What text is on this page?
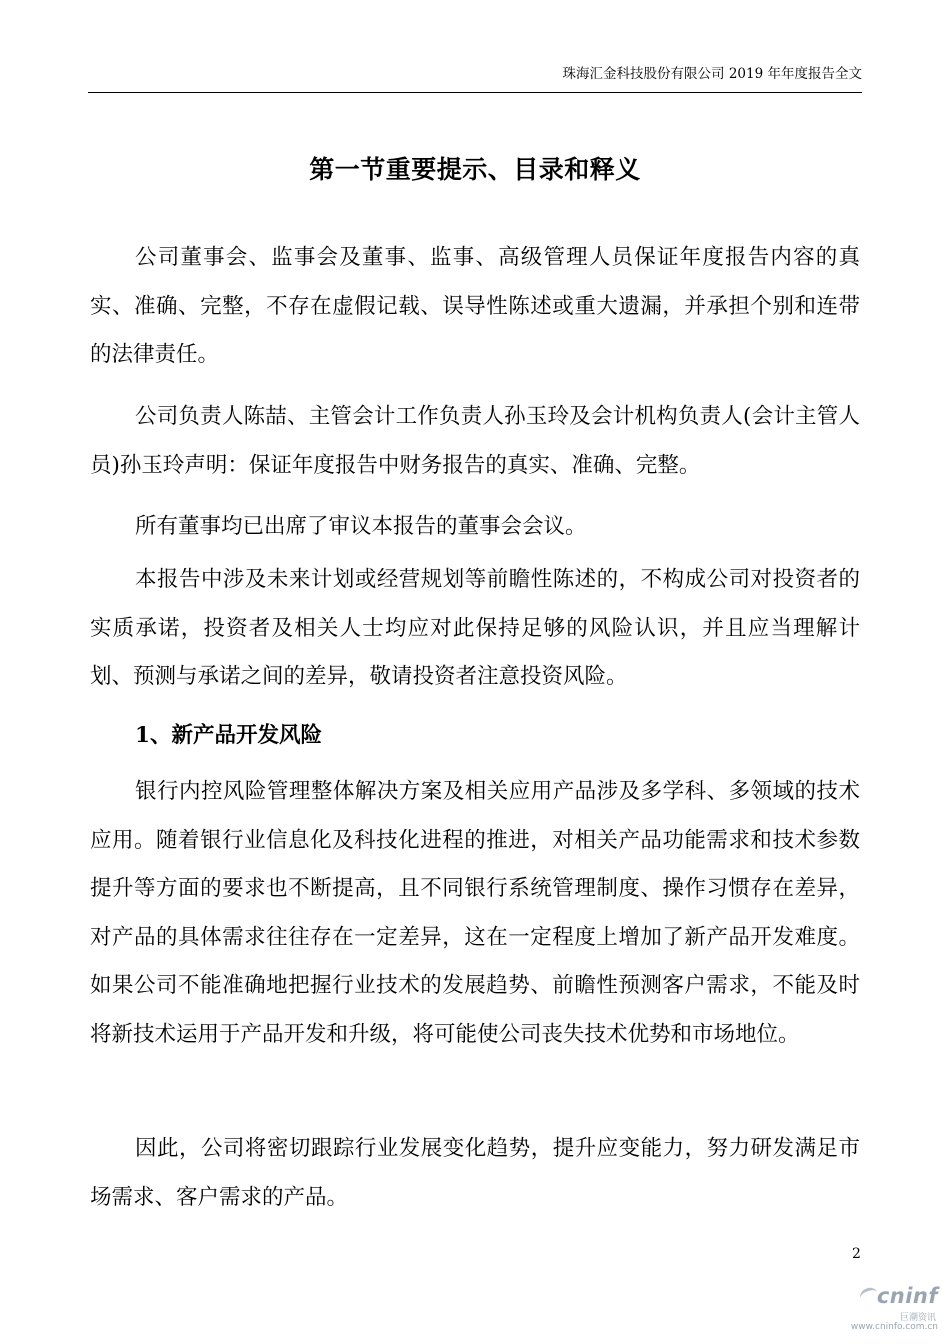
珠海汇金科技股份有限公司 2019 年年度报告全文
第一节重要提示、目录和释义

公司董事会、监事会及董事、监事、高级管理人员保证年度报告内容的真实、准确、完整，不存在虚假记载、误导性陈述或重大遗漏，并承担个别和连带的法律责任。

公司负责人陈喆、主管会计工作负责人孙玉玲及会计机构负责人(会计主管人员)孙玉玲声明：保证年度报告中财务报告的真实、准确、完整。

所有董事均已出席了审议本报告的董事会会议。

本报告中涉及未来计划或经营规划等前瞻性陈述的，不构成公司对投资者的实质承诺，投资者及相关人士均应对此保持足够的风险认识，并且应当理解计划、预测与承诺之间的差异，敬请投资者注意投资风险。

1、新产品开发风险

银行内控风险管理整体解决方案及相关应用产品涉及多学科、多领域的技术应用。随着银行业信息化及科技化进程的推进，对相关产品功能需求和技术参数提升等方面的要求也不断提高，且不同银行系统管理制度、操作习惯存在差异，对产品的具体需求往往存在一定差异，这在一定程度上增加了新产品开发难度。如果公司不能准确地把握行业技术的发展趋势、前瞻性预测客户需求，不能及时将新技术运用于产品开发和升级，将可能使公司丧失技术优势和市场地位。

因此，公司将密切跟踪行业发展变化趋势，提升应变能力，努力研发满足市场需求、客户需求的产品。

2
cninf
巨潮资讯
www.cninfo.com.cn
